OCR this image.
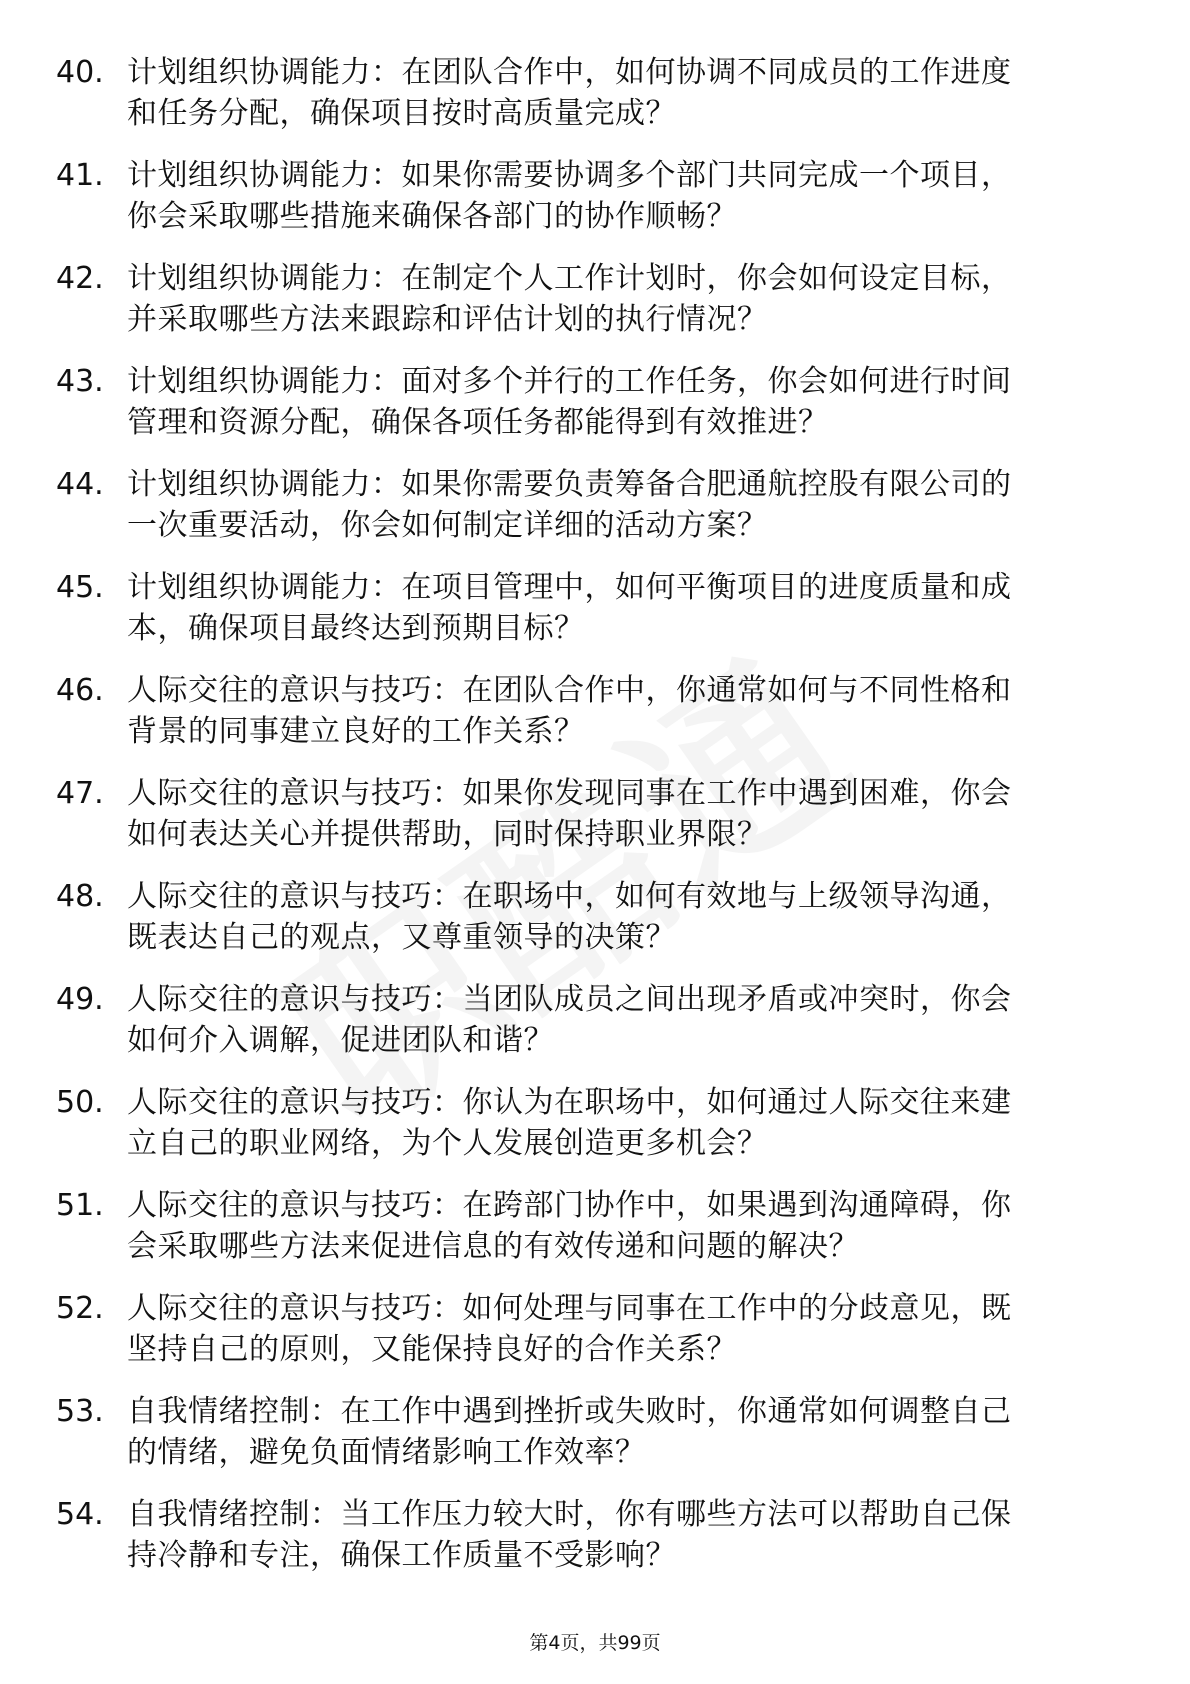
40. 计划组织协调能力：在团队合作中，如何协调不同成员的工作进度和任务分配，确保项目按时高质量完成？
41. 计划组织协调能力：如果你需要协调多个部门共同完成一个项目，你会采取哪些措施来确保各部门的协作顺畅？
42. 计划组织协调能力：在制定个人工作计划时，你会如何设定目标，并采取哪些方法来跟踪和评估计划的执行情况？
43. 计划组织协调能力：面对多个并行的工作任务，你会如何进行时间管理和资源分配，确保各项任务都能得到有效推进？
44. 计划组织协调能力：如果你需要负责筹备合肥通航控股有限公司的一次重要活动，你会如何制定详细的活动方案？
45. 计划组织协调能力：在项目管理中，如何平衡项目的进度质量和成本，确保项目最终达到预期目标？
46. 人际交往的意识与技巧：在团队合作中，你通常如何与不同性格和背景的同事建立良好的工作关系？
47. 人际交往的意识与技巧：如果你发现同事在工作中遇到困难，你会如何表达关心并提供帮助，同时保持职业界限？
48. 人际交往的意识与技巧：在职场中，如何有效地与上级领导沟通，既表达自己的观点，又尊重领导的决策？
49. 人际交往的意识与技巧：当团队成员之间出现矛盾或冲突时，你会如何介入调解，促进团队和谐？
50. 人际交往的意识与技巧：你认为在职场中，如何通过人际交往来建立自己的职业网络，为个人发展创造更多机会？
51. 人际交往的意识与技巧：在跨部门协作中，如果遇到沟通障碍，你会采取哪些方法来促进信息的有效传递和问题的解决？
52. 人际交往的意识与技巧：如何处理与同事在工作中的分歧意见，既坚持自己的原则，又能保持良好的合作关系？
53. 自我情绪控制：在工作中遇到挫折或失败时，你通常如何调整自己的情绪，避免负面情绪影响工作效率？
54. 自我情绪控制：当工作压力较大时，你有哪些方法可以帮助自己保持冷静和专注，确保工作质量不受影响？
第4页，共99页
